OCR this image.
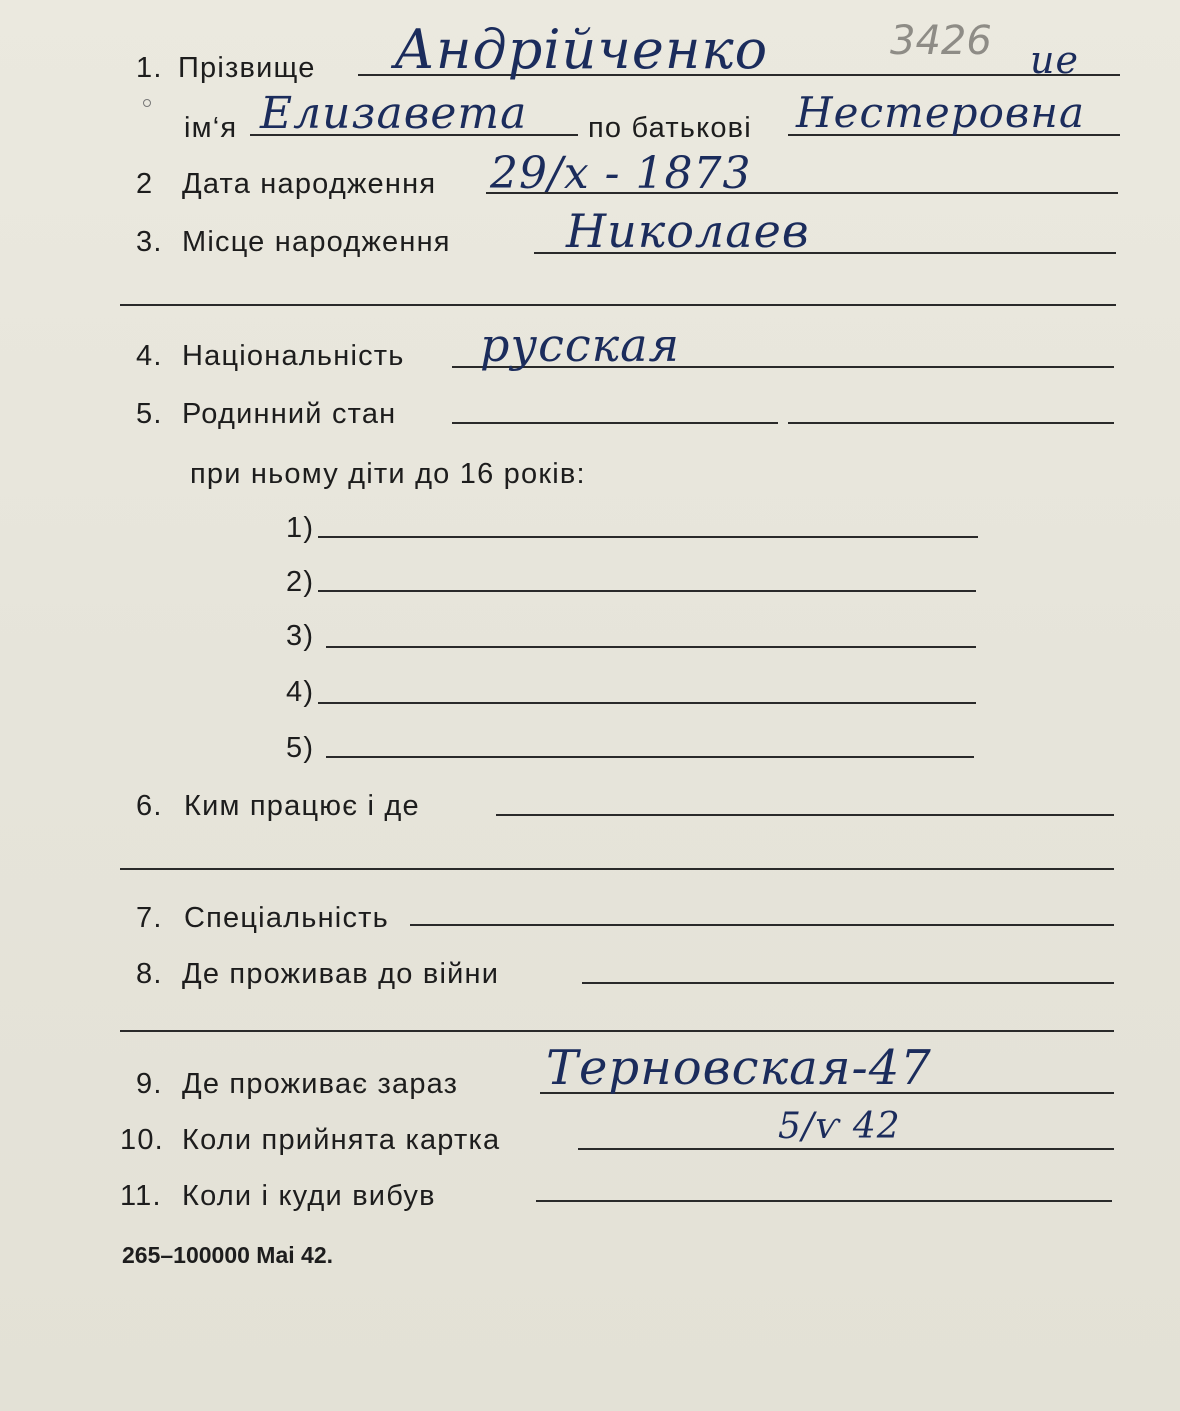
1. Прізвище Андрійченко	3426 ие
ім‘я Елизавета по батькові Нестеровна
2 Дата народження 29/х - 1873
3. Місце народження	Николаев
4. Національність русская
5. Родинний стан
при ньому діти до 16 років:
1)
2)
3)
4)
5)
6. Ким працює і де
7. Спеціальність
8. Де проживав до війни
9. Де проживає зараз Терновская-47
10. Коли прийнята картка	5/ѵ 42
11. Коли і куди вибув
265–100000 Mai 42.
